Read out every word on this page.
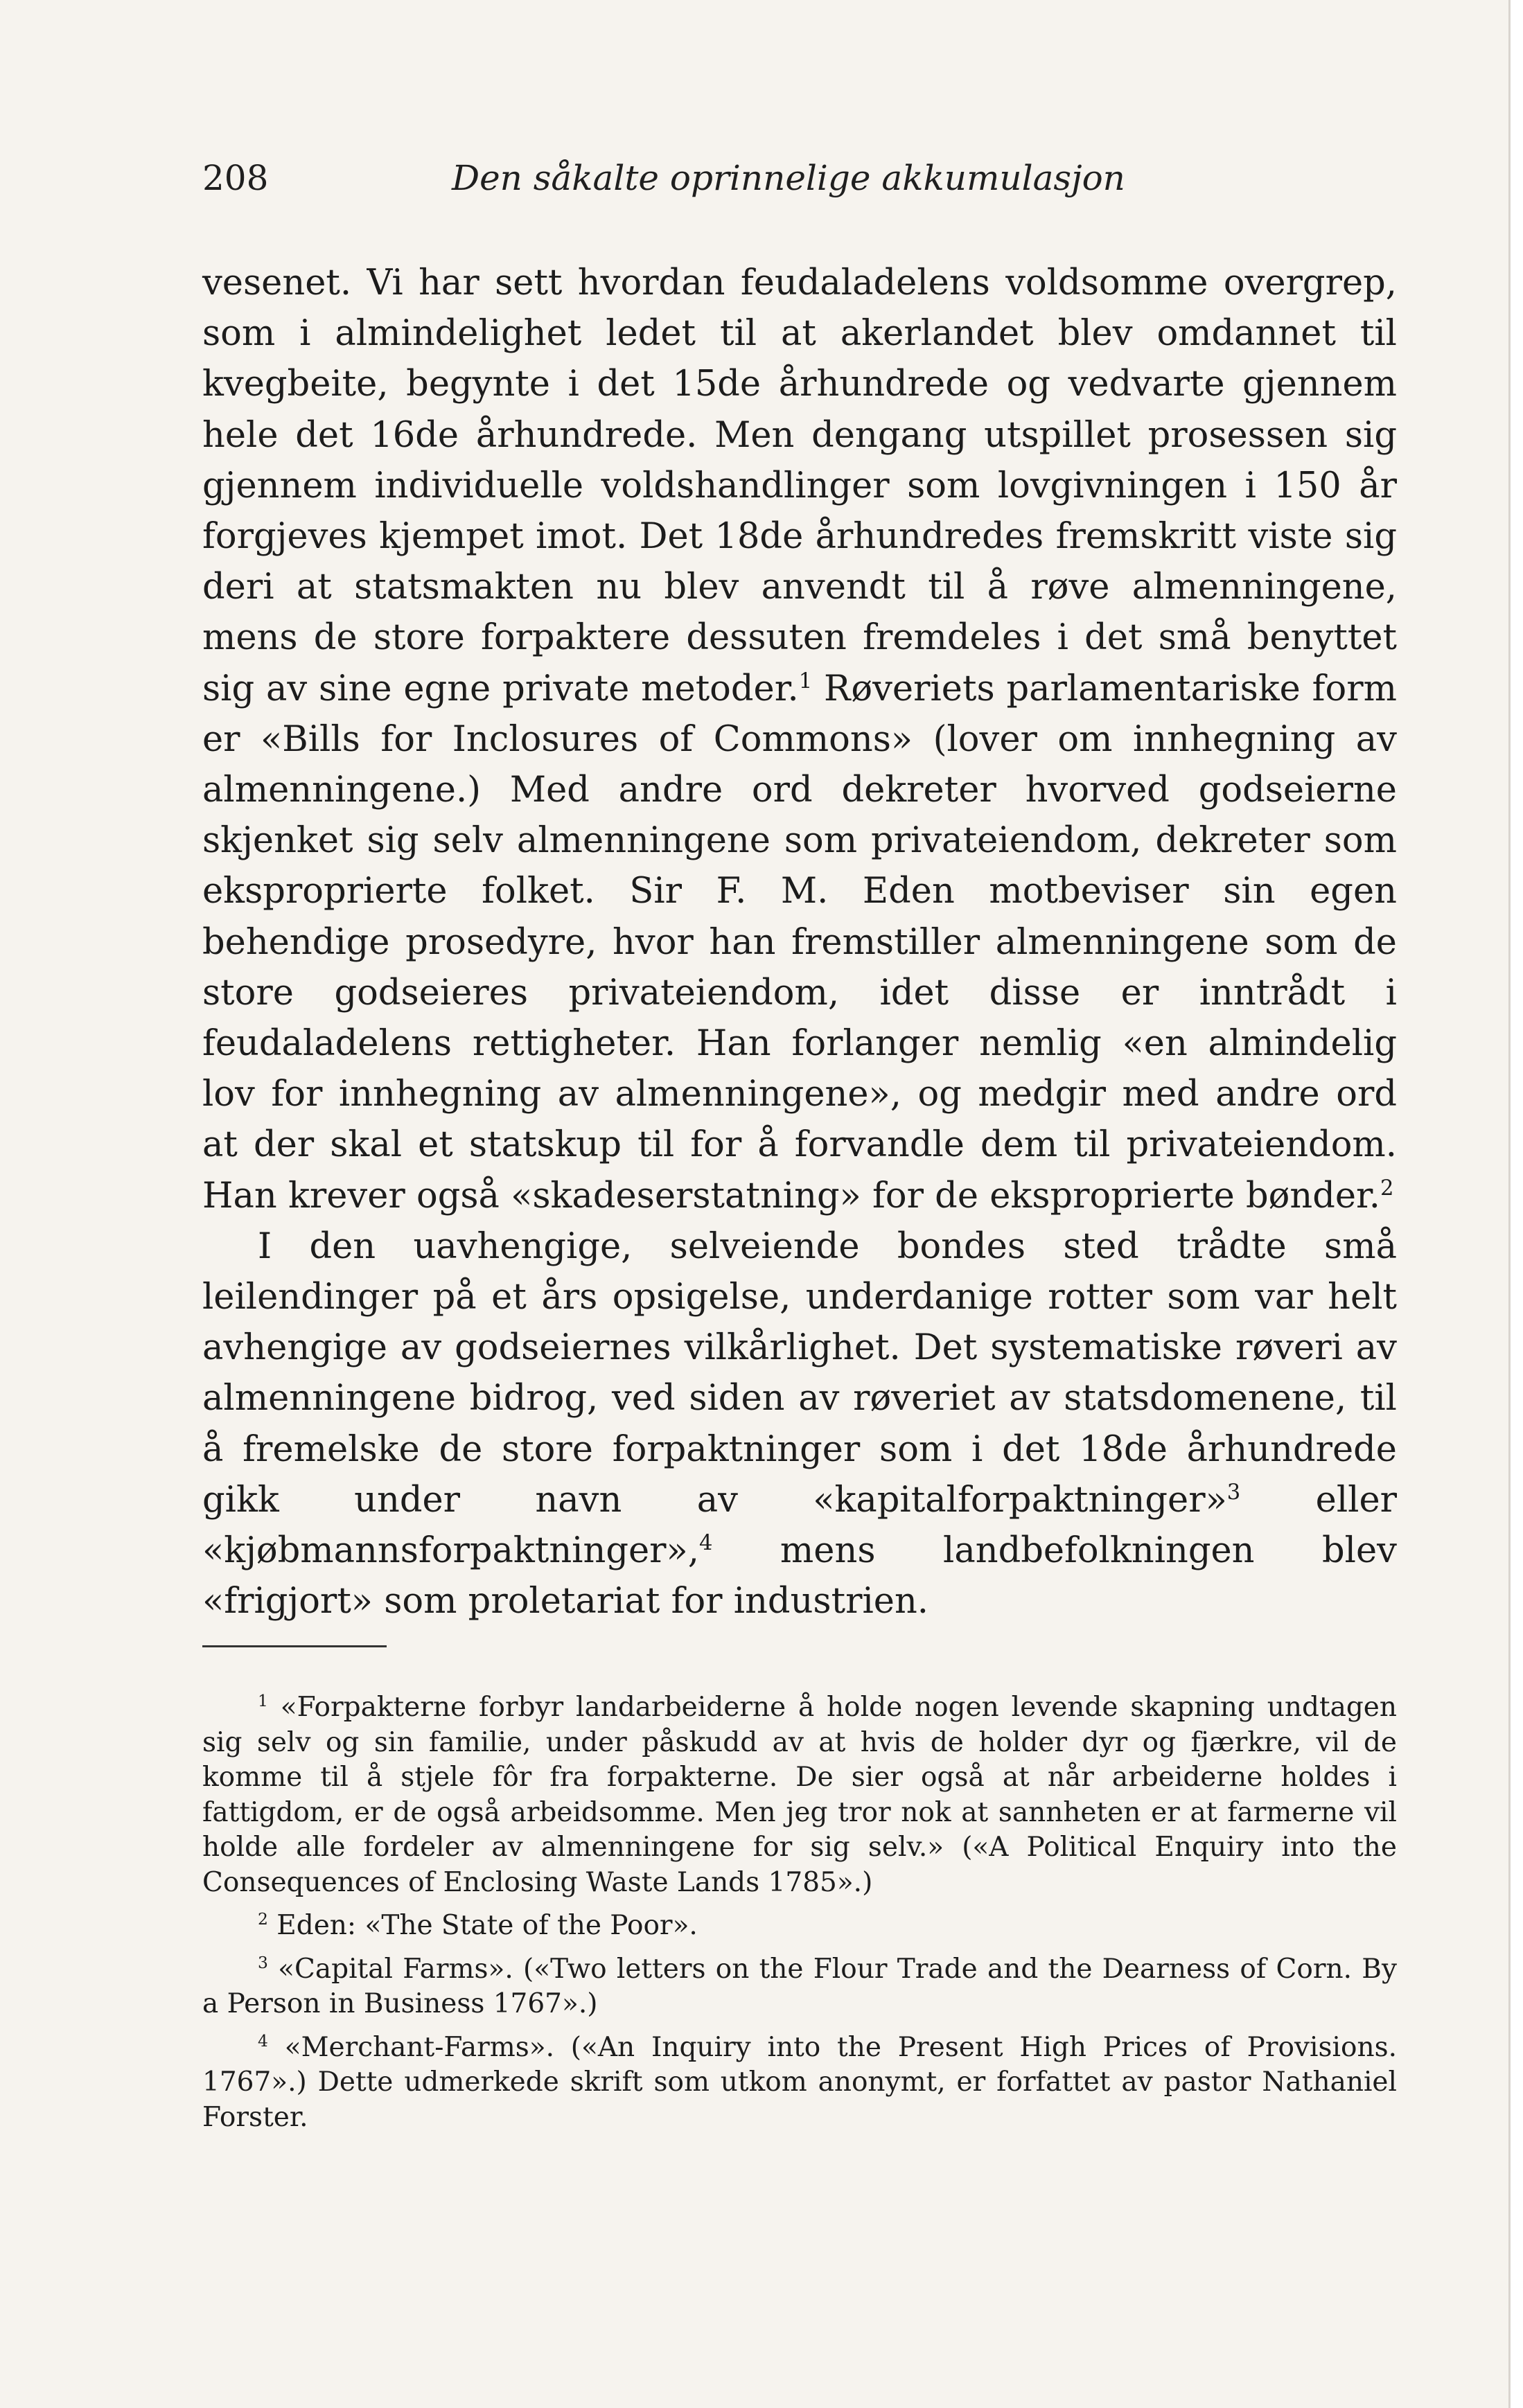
208	Den såkalte oprinnelige akkumulasjon

vesenet. Vi har sett hvordan feudaladelens voldsomme overgrep, som i almindelighet ledet til at akerlandet blev omdannet til kvegbeite, begynte i det 15de århundrede og vedvarte gjennem hele det 16de århundrede. Men dengang utspillet prosessen sig gjennem individuelle voldshandlinger som lovgivningen i 150 år forgjeves kjempet imot. Det 18de århundredes fremskritt viste sig deri at statsmakten nu blev anvendt til å røve almenningene, mens de store forpaktere dessuten fremdeles i det små benyttet sig av sine egne private metoder.$^1$ Røveriets parlamentariske form er «Bills for Inclosures of Commons» (lover om innhegning av almenningene.) Med andre ord dekreter hvorved godseierne skjenket sig selv almenningene som privateiendom, dekreter som eksproprierte folket. Sir F. M. Eden motbeviser sin egen behendige prosedyre, hvor han fremstiller almenningene som de store godseieres privateiendom, idet disse er inntrådt i feudaladelens rettigheter. Han forlanger nemlig «en almindelig lov for innhegning av almenningene», og medgir med andre ord at der skal et statskup til for å forvandle dem til privateiendom. Han krever også «skadeserstatning» for de eksproprierte bønder.$^2$

I den uavhengige, selveiende bondes sted trådte små leilendinger på et års opsigelse, underdanige rotter som var helt avhengige av godseiernes vilkårlighet. Det systematiske røveri av almenningene bidrog, ved siden av røveriet av statsdomenene, til å fremelske de store forpaktninger som i det 18de århundrede gikk under navn av «kapitalforpaktninger»$^3$ eller «kjøbmannsforpaktninger»,$^4$ mens landbefolkningen blev «frigjort» som proletariat for industrien.

$^1$ «Forpakterne forbyr landarbeiderne å holde nogen levende skapning undtagen sig selv og sin familie, under påskudd av at hvis de holder dyr og fjærkre, vil de komme til å stjele fôr fra forpakterne. De sier også at når arbeiderne holdes i fattigdom, er de også arbeidsomme. Men jeg tror nok at sannheten er at farmerne vil holde alle fordeler av almenningene for sig selv.» («A Political Enquiry into the Consequences of Enclosing Waste Lands 1785».)

$^2$ Eden: «The State of the Poor».

$^3$ «Capital Farms». («Two letters on the Flour Trade and the Dearness of Corn. By a Person in Business 1767».)

$^4$ «Merchant-Farms». («An Inquiry into the Present High Prices of Provisions. 1767».) Dette udmerkede skrift som utkom anonymt, er forfattet av pastor Nathaniel Forster.
